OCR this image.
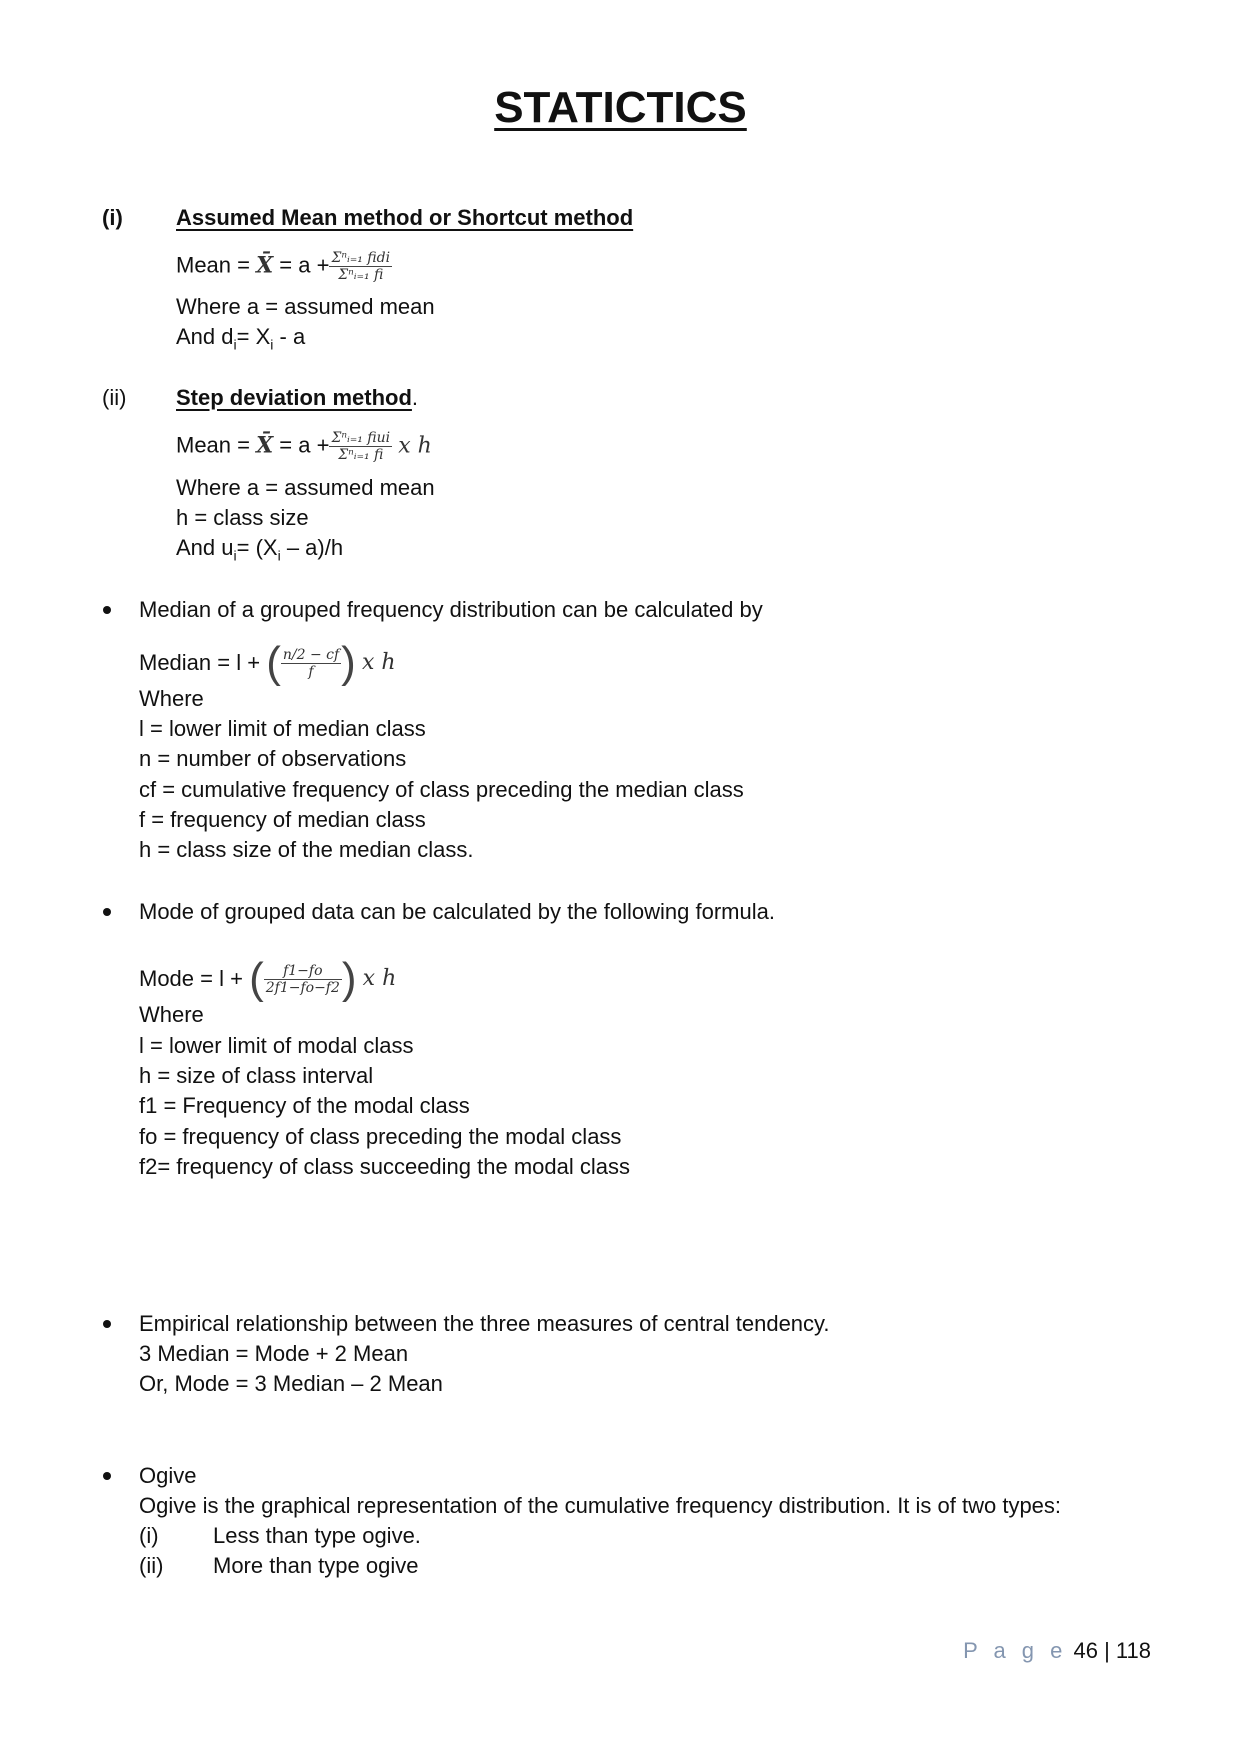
STATICTICS
(i) Assumed Mean method or Shortcut method
Mean = X̄ = $a + \frac{\text{Σⁿᵢ₌₁ fidi}}{\text{Σⁿᵢ₌₁ fi}}$
Where a = assumed mean
And $d_i= X_i - a$
(ii) Step deviation method.
Mean = X̄ = $a + \frac{\text{Σⁿᵢ₌₁ fiui}}{\text{Σⁿᵢ₌₁ fi}}$ x h
Where a = assumed mean
h = class size
And $u_i= (X_i - a)/h$
Median of a grouped frequency distribution can be calculated by
Median = l + ( $\frac{n/2 - cf}{f}$ ) x h
Where
l = lower limit of median class
n = number of observations
cf = cumulative frequency of class preceding the median class
f = frequency of median class
h = class size of the median class.
Mode of grouped data can be calculated by the following formula.
Mode = l + ( $\frac{f1-fo}{2f1-fo-f2}$ ) x h
Where
l = lower limit of modal class
h = size of class interval
f1 = Frequency of the modal class
fo = frequency of class preceding the modal class
f2= frequency of class succeeding the modal class
Empirical relationship between the three measures of central tendency.
3 Median = Mode + 2 Mean
Or, Mode = 3 Median – 2 Mean
Ogive
Ogive is the graphical representation of the cumulative frequency distribution. It is of two types:
(i) Less than type ogive.
(ii) More than type ogive
P a g e 46 | 118
